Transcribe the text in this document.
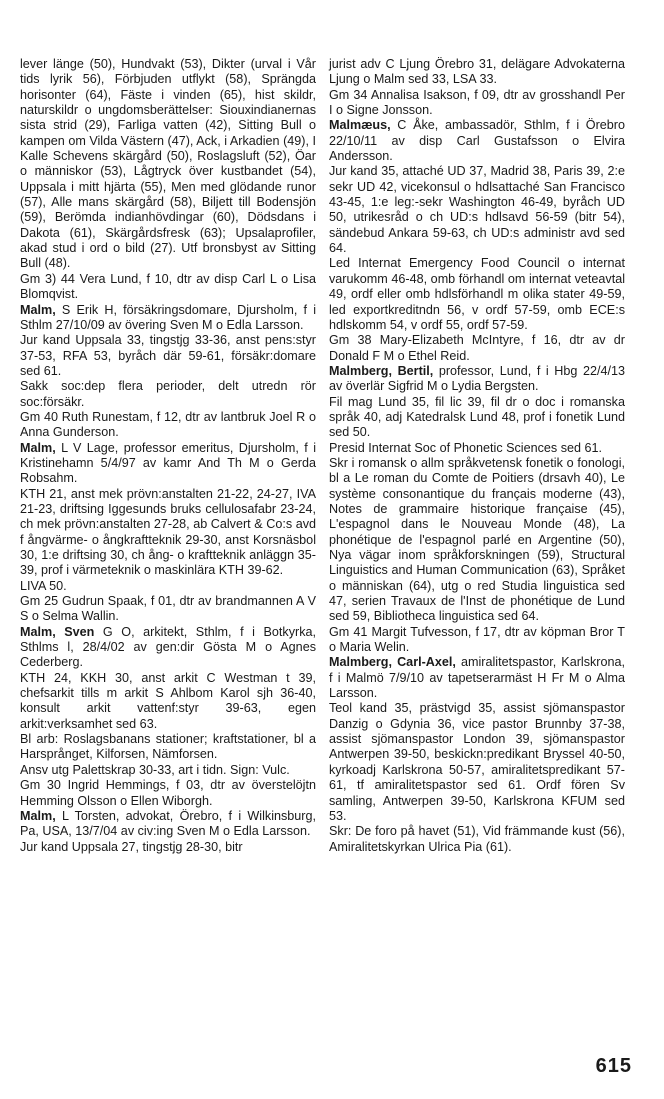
lever länge (50), Hundvakt (53), Dikter (urval i Vår tids lyrik 56), Förbjuden utflykt (58), Sprängda horisonter (64), Fäste i vinden (65), hist skildr, naturskildr o ungdomsberättelser: Siouxindianernas sista strid (29), Farliga vatten (42), Sitting Bull o kampen om Vilda Västern (47), Ack, i Arkadien (49), I Kalle Schevens skärgård (50), Roslagsluft (52), Öar o människor (53), Lågtryck över kustbandet (54), Uppsala i mitt hjärta (55), Men med glödande runor (57), Alle mans skärgård (58), Biljett till Bodensjön (59), Berömda indianhövdingar (60), Dödsdans i Dakota (61), Skärgårdsfresk (63); Upsalaprofiler, akad stud i ord o bild (27). Utf bronsbyst av Sitting Bull (48).

Gm 3) 44 Vera Lund, f 10, dtr av disp Carl L o Lisa Blomqvist.

Malm, S Erik H, försäkringsdomare, Djursholm, f i Sthlm 27/10/09 av övering Sven M o Edla Larsson.

Jur kand Uppsala 33, tingstjg 33-36, anst pens:styr 37-53, RFA 53, byråch där 59-61, försäkr:domare sed 61.

Sakk soc:dep flera perioder, delt utredn rör soc:försäkr.

Gm 40 Ruth Runestam, f 12, dtr av lantbruk Joel R o Anna Gunderson.

Malm, L V Lage, professor emeritus, Djursholm, f i Kristinehamn 5/4/97 av kamr And Th M o Gerda Robsahm.

KTH 21, anst mek prövn:anstalten 21-22, 24-27, IVA 21-23, driftsing Iggesunds bruks cellulosafabr 23-24, ch mek prövn:anstalten 27-28, ab Calvert & Co:s avd f ångvärme- o ångkraftteknik 29-30, anst Korsnäsbol 30, 1:e driftsing 30, ch ång- o kraftteknik anläggn 35-39, prof i värmeteknik o maskinlära KTH 39-62.

LIVA 50.

Gm 25 Gudrun Spaak, f 01, dtr av brandmannen A V S o Selma Wallin.

Malm, Sven G O, arkitekt, Sthlm, f i Botkyrka, Sthlms l, 28/4/02 av gen:dir Gösta M o Agnes Cederberg.

KTH 24, KKH 30, anst arkit C Westman t 39, chefsarkit tills m arkit S Ahlbom Karol sjh 36-40, konsult arkit vattenf:styr 39-63, egen arkit:verksamhet sed 63.

Bl arb: Roslagsbanans stationer; kraftstationer, bl a Harsprånget, Kilforsen, Nämforsen.

Ansv utg Palettskrap 30-33, art i tidn. Sign: Vulc.

Gm 30 Ingrid Hemmings, f 03, dtr av överstelöjtn Hemming Olsson o Ellen Wiborgh.

Malm, L Torsten, advokat, Örebro, f i Wilkinsburg, Pa, USA, 13/7/04 av civ:ing Sven M o Edla Larsson.

Jur kand Uppsala 27, tingstjg 28-30, bitr

jurist adv C Ljung Örebro 31, delägare Advokaterna Ljung o Malm sed 33, LSA 33.

Gm 34 Annalisa Isakson, f 09, dtr av grosshandl Per I o Signe Jonsson.

Malmæus, C Åke, ambassadör, Sthlm, f i Örebro 22/10/11 av disp Carl Gustafsson o Elvira Andersson.

Jur kand 35, attaché UD 37, Madrid 38, Paris 39, 2:e sekr UD 42, vicekonsul o hdlsattaché San Francisco 43-45, 1:e leg:-sekr Washington 46-49, byråch UD 50, utrikesråd o ch UD:s hdlsavd 56-59 (bitr 54), sändebud Ankara 59-63, ch UD:s administr avd sed 64.

Led Internat Emergency Food Council o internat varukomm 46-48, omb förhandl om internat veteavtal 49, ordf eller omb hdlsförhandl m olika stater 49-59, led exportkreditndn 56, v ordf 57-59, omb ECE:s hdlskomm 54, v ordf 55, ordf 57-59.

Gm 38 Mary-Elizabeth McIntyre, f 16, dtr av dr Donald F M o Ethel Reid.

Malmberg, Bertil, professor, Lund, f i Hbg 22/4/13 av överlär Sigfrid M o Lydia Bergsten.

Fil mag Lund 35, fil lic 39, fil dr o doc i romanska språk 40, adj Katedralsk Lund 48, prof i fonetik Lund sed 50.

Presid Internat Soc of Phonetic Sciences sed 61.

Skr i romansk o allm språkvetensk fonetik o fonologi, bl a Le roman du Comte de Poitiers (drsavh 40), Le système consonantique du français moderne (43), Notes de grammaire historique française (45), L'espagnol dans le Nouveau Monde (48), La phonétique de l'espagnol parlé en Argentine (50), Nya vägar inom språkforskningen (59), Structural Linguistics and Human Communication (63), Språket o människan (64), utg o red Studia linguistica sed 47, serien Travaux de l'Inst de phonétique de Lund sed 59, Bibliotheca linguistica sed 64.

Gm 41 Margit Tufvesson, f 17, dtr av köpman Bror T o Maria Welin.

Malmberg, Carl-Axel, amiralitetspastor, Karlskrona, f i Malmö 7/9/10 av tapetserarmäst H Fr M o Alma Larsson.

Teol kand 35, prästvigd 35, assist sjömanspastor Danzig o Gdynia 36, vice pastor Brunnby 37-38, assist sjömanspastor London 39, sjömanspastor Antwerpen 39-50, beskickn:predikant Bryssel 40-50, kyrkoadj Karlskrona 50-57, amiralitetspredikant 57-61, tf amiralitetspastor sed 61. Ordf fören Sv samling, Antwerpen 39-50, Karlskrona KFUM sed 53.

Skr: De foro på havet (51), Vid främmande kust (56), Amiralitetskyrkan Ulrica Pia (61).

615
